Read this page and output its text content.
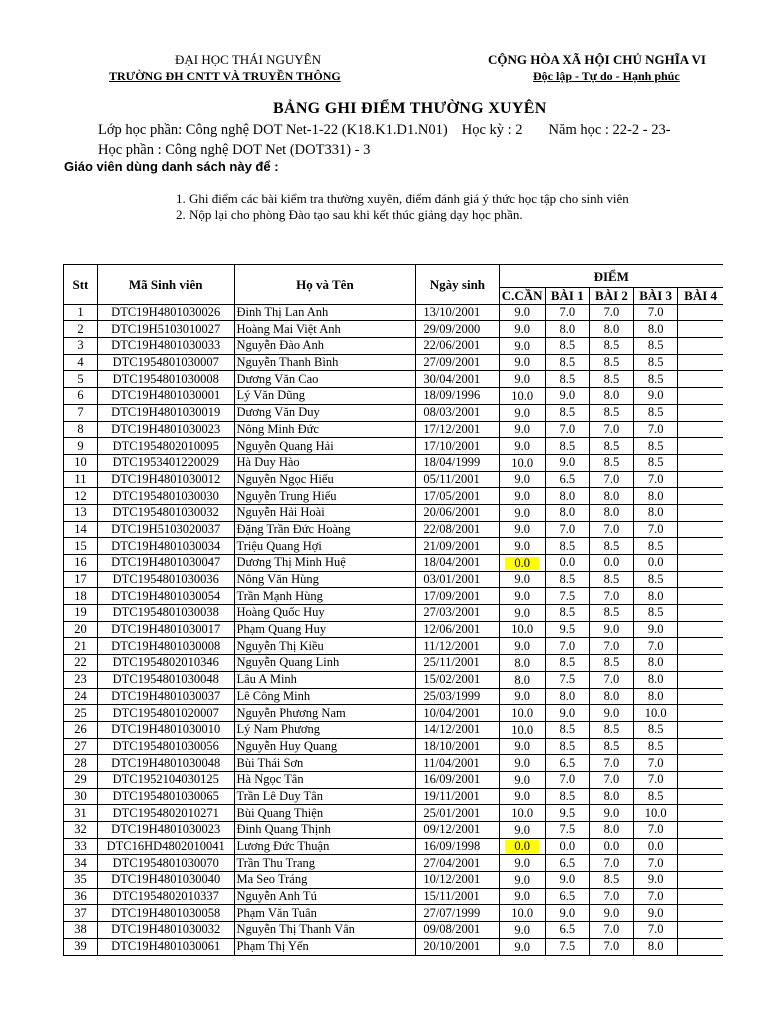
ĐẠI HỌC THÁI NGUYÊN
TRƯỜNG ĐH CNTT VÀ TRUYỀN THÔNG
CỘNG HÒA XÃ HỘI CHỦ NGHĨA VI
Độc lập - Tự do - Hạnh phúc
BẢNG GHI ĐIỂM THƯỜNG XUYÊN
Lớp học phần: Công nghệ DOT Net-1-22 (K18.K1.D1.N01) Học kỳ : 2 Năm học : 22-2 - 23-
Học phần : Công nghệ DOT Net (DOT331) - 3
Giáo viên dùng danh sách này để :
1. Ghi điểm các bài kiểm tra thường xuyên, điểm đánh giá ý thức học tập cho sinh viên
2. Nộp lại cho phòng Đào tạo sau khi kết thúc giảng dạy học phần.
Stt	Mã Sinh viên	Họ và Tên	Ngày sinh	ĐIỂM				
				C.CẦN	BÀI 1	BÀI 2	BÀI 3	BÀI 4
1	DTC19H4801030026	Đinh Thị Lan Anh	13/10/2001	9.0	7.0	7.0	7.0	
2	DTC19H5103010027	Hoàng Mai Việt Anh	29/09/2000	9.0	8.0	8.0	8.0	
3	DTC19H4801030033	Nguyễn Đào Anh	22/06/2001	9.0	8.5	8.5	8.5	
4	DTC1954801030007	Nguyễn Thanh Bình	27/09/2001	9.0	8.5	8.5	8.5	
5	DTC1954801030008	Dương Văn Cao	30/04/2001	9.0	8.5	8.5	8.5	
6	DTC19H4801030001	Lý Văn Dũng	18/09/1996	10.0	9.0	8.0	9.0	
7	DTC19H4801030019	Dương Văn Duy	08/03/2001	9.0	8.5	8.5	8.5	
8	DTC19H4801030023	Nông Minh Đức	17/12/2001	9.0	7.0	7.0	7.0	
9	DTC1954802010095	Nguyễn Quang Hải	17/10/2001	9.0	8.5	8.5	8.5	
10	DTC1953401220029	Hà Duy Hào	18/04/1999	10.0	9.0	8.5	8.5	
11	DTC19H4801030012	Nguyễn Ngọc Hiếu	05/11/2001	9.0	6.5	7.0	7.0	
12	DTC1954801030030	Nguyễn Trung Hiếu	17/05/2001	9.0	8.0	8.0	8.0	
13	DTC1954801030032	Nguyễn Hải Hoài	20/06/2001	9.0	8.0	8.0	8.0	
14	DTC19H5103020037	Đặng Trần Đức Hoàng	22/08/2001	9.0	7.0	7.0	7.0	
15	DTC19H4801030034	Triệu Quang Hợi	21/09/2001	9.0	8.5	8.5	8.5	
16	DTC19H4801030047	Dương Thị Minh Huệ	18/04/2001	0.0	0.0	0.0	0.0	
17	DTC1954801030036	Nông Văn Hùng	03/01/2001	9.0	8.5	8.5	8.5	
18	DTC19H4801030054	Trần Mạnh Hùng	17/09/2001	9.0	7.5	7.0	8.0	
19	DTC1954801030038	Hoàng Quốc Huy	27/03/2001	9.0	8.5	8.5	8.5	
20	DTC19H4801030017	Phạm Quang Huy	12/06/2001	10.0	9.5	9.0	9.0	
21	DTC19H4801030008	Nguyễn Thị Kiều	11/12/2001	9.0	7.0	7.0	7.0	
22	DTC1954802010346	Nguyễn Quang Linh	25/11/2001	8.0	8.5	8.5	8.0	
23	DTC1954801030048	Lâu A Minh	15/02/2001	8.0	7.5	7.0	8.0	
24	DTC19H4801030037	Lê Công Minh	25/03/1999	9.0	8.0	8.0	8.0	
25	DTC1954801020007	Nguyễn Phương Nam	10/04/2001	10.0	9.0	9.0	10.0	
26	DTC19H4801030010	Lý Nam Phương	14/12/2001	10.0	8.5	8.5	8.5	
27	DTC1954801030056	Nguyễn Huy Quang	18/10/2001	9.0	8.5	8.5	8.5	
28	DTC19H4801030048	Bùi Thái Sơn	11/04/2001	9.0	6.5	7.0	7.0	
29	DTC1952104030125	Hà Ngọc Tân	16/09/2001	9.0	7.0	7.0	7.0	
30	DTC1954801030065	Trần Lê Duy Tân	19/11/2001	9.0	8.5	8.0	8.5	
31	DTC1954802010271	Bùi Quang Thiện	25/01/2001	10.0	9.5	9.0	10.0	
32	DTC19H4801030023	Đinh Quang Thịnh	09/12/2001	9.0	7.5	8.0	7.0	
33	DTC16HD4802010041	Lương Đức Thuận	16/09/1998	0.0	0.0	0.0	0.0	
34	DTC1954801030070	Trần Thu Trang	27/04/2001	9.0	6.5	7.0	7.0	
35	DTC19H4801030040	Ma Seo Tráng	10/12/2001	9.0	9.0	8.5	9.0	
36	DTC1954802010337	Nguyễn Anh Tú	15/11/2001	9.0	6.5	7.0	7.0	
37	DTC19H4801030058	Phạm Văn Tuân	27/07/1999	10.0	9.0	9.0	9.0	
38	DTC19H4801030032	Nguyễn Thị Thanh Vân	09/08/2001	9.0	6.5	7.0	7.0	
39	DTC19H4801030061	Phạm Thị Yến	20/10/2001	9.0	7.5	7.0	8.0	
